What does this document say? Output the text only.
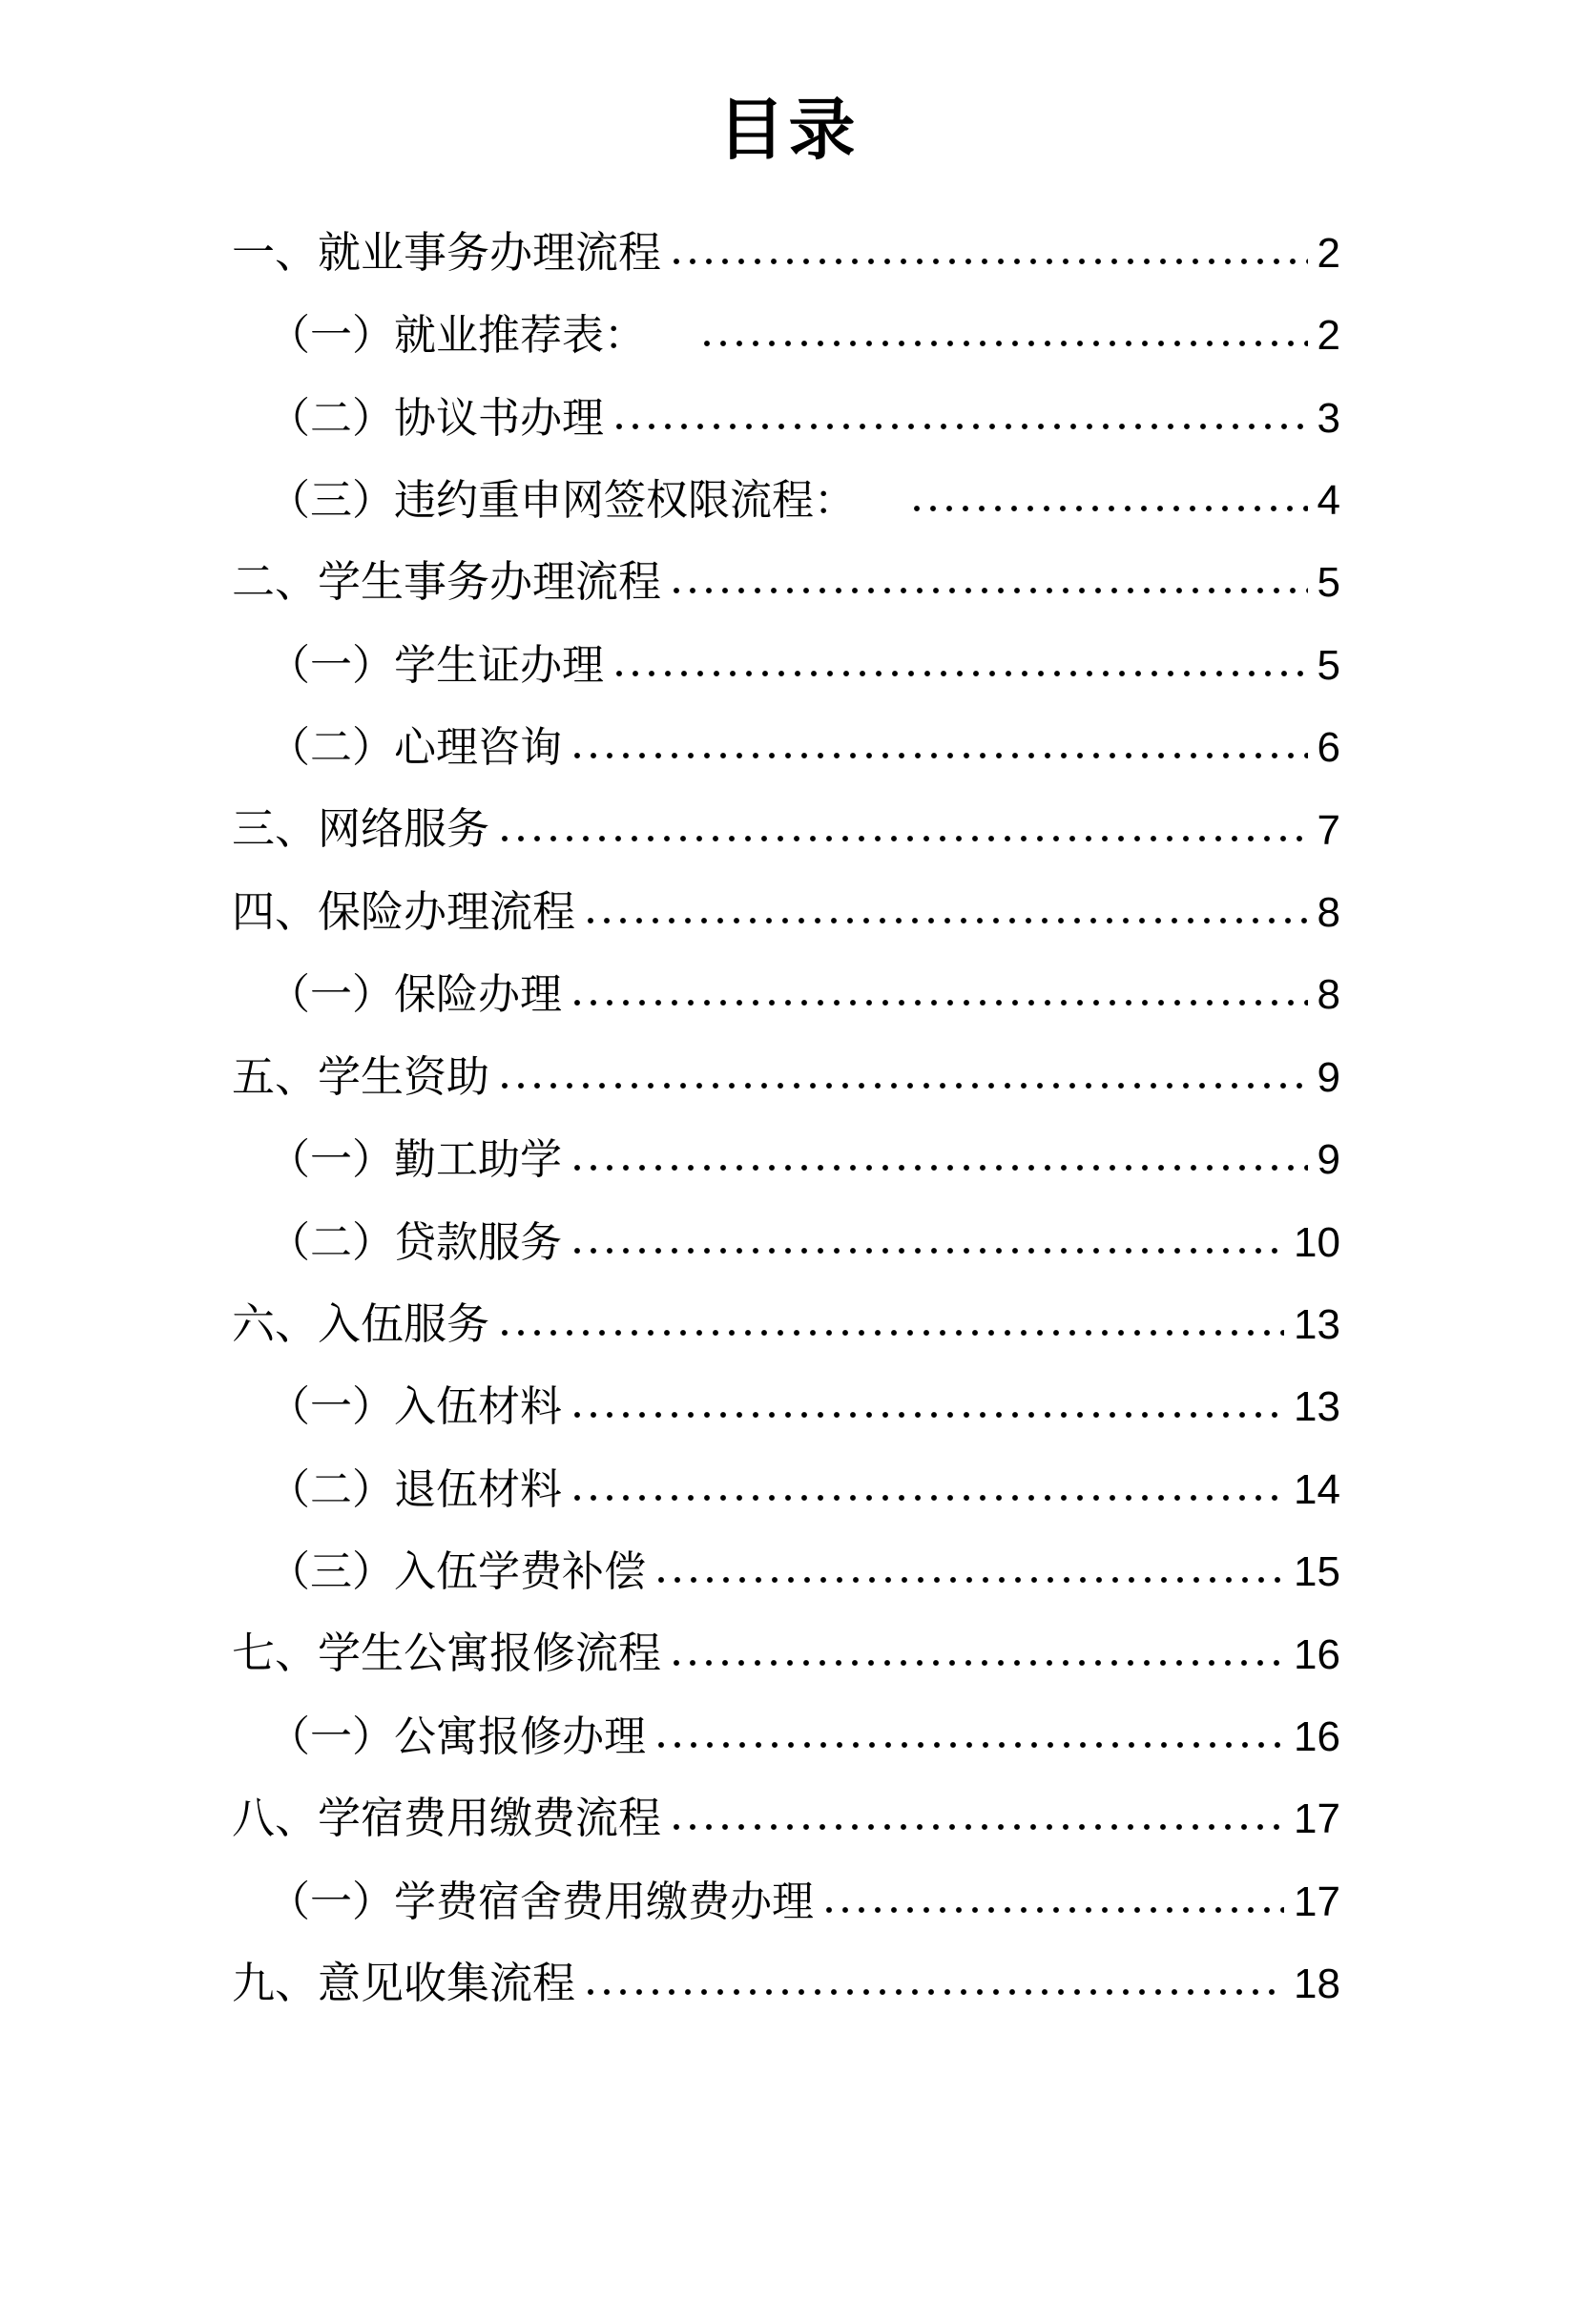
目录
一、就业事务办理流程	2
（一）就业推荐表：	2
（二）协议书办理	3
（三）违约重申网签权限流程：	4
二、学生事务办理流程	5
（一）学生证办理	5
（二）心理咨询	6
三、网络服务	7
四、保险办理流程	8
（一）保险办理	8
五、学生资助	9
（一）勤工助学	9
（二）贷款服务	10
六、入伍服务	13
（一）入伍材料	13
（二）退伍材料	14
（三）入伍学费补偿	15
七、学生公寓报修流程	16
（一）公寓报修办理	16
八、学宿费用缴费流程	17
（一）学费宿舍费用缴费办理	17
九、意见收集流程	18
